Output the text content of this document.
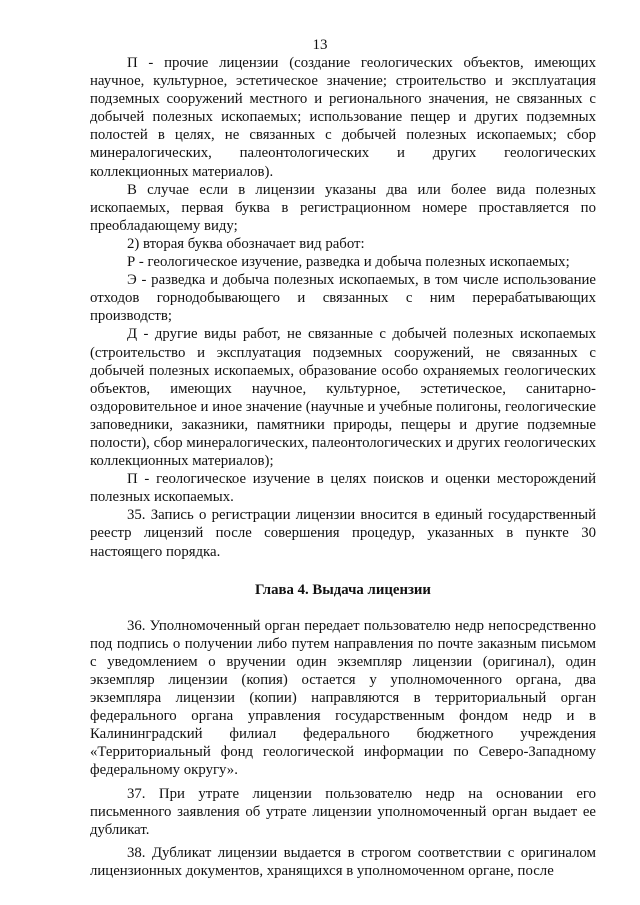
13

П - прочие лицензии (создание геологических объектов, имеющих научное, культурное, эстетическое значение; строительство и эксплуатация подземных сооружений местного и регионального значения, не связанных с добычей полезных ископаемых; использование пещер и других подземных полостей в целях, не связанных с добычей полезных ископаемых; сбор минералогических, палеонтологических и других геологических коллекционных материалов).

В случае если в лицензии указаны два или более вида полезных ископаемых, первая буква в регистрационном номере проставляется по преобладающему виду;

2) вторая буква обозначает вид работ:

Р - геологическое изучение, разведка и добыча полезных ископаемых;

Э - разведка и добыча полезных ископаемых, в том числе использование отходов горнодобывающего и связанных с ним перерабатывающих производств;

Д - другие виды работ, не связанные с добычей полезных ископаемых (строительство и эксплуатация подземных сооружений, не связанных с добычей полезных ископаемых, образование особо охраняемых геологических объектов, имеющих научное, культурное, эстетическое, санитарно-оздоровительное и иное значение (научные и учебные полигоны, геологические заповедники, заказники, памятники природы, пещеры и другие подземные полости), сбор минералогических, палеонтологических и других геологических коллекционных материалов);

П - геологическое изучение в целях поисков и оценки месторождений полезных ископаемых.

35. Запись о регистрации лицензии вносится в единый государственный реестр лицензий после совершения процедур, указанных в пункте 30 настоящего порядка.

Глава 4. Выдача лицензии

36. Уполномоченный орган передает пользователю недр непосредственно под подпись о получении либо путем направления по почте заказным письмом с уведомлением о вручении один экземпляр лицензии (оригинал), один экземпляр лицензии (копия) остается у уполномоченного органа, два экземпляра лицензии (копии) направляются в территориальный орган федерального органа управления государственным фондом недр и в Калининградский филиал федерального бюджетного учреждения «Территориальный фонд геологической информации по Северо-Западному федеральному округу».

37. При утрате лицензии пользователю недр на основании его письменного заявления об утрате лицензии уполномоченный орган выдает ее дубликат.

38. Дубликат лицензии выдается в строгом соответствии с оригиналом лицензионных документов, хранящихся в уполномоченном органе, после
